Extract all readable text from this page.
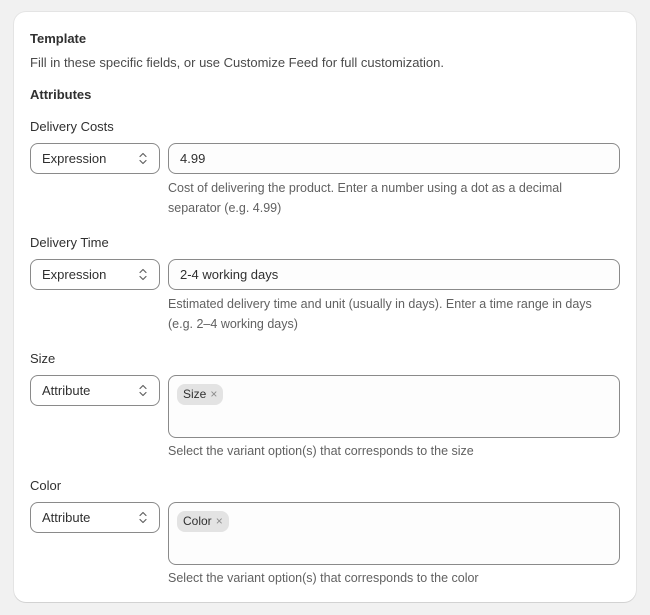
Template
Fill in these specific fields, or use Customize Feed for full customization.
Attributes
Delivery Costs
Expression	4.99
Cost of delivering the product. Enter a number using a dot as a decimal separator (e.g. 4.99)
Delivery Time
Expression	2-4 working days
Estimated delivery time and unit (usually in days). Enter a time range in days (e.g. 2–4 working days)
Size
Attribute	Size ×
Select the variant option(s) that corresponds to the size
Color
Attribute	Color ×
Select the variant option(s) that corresponds to the color
